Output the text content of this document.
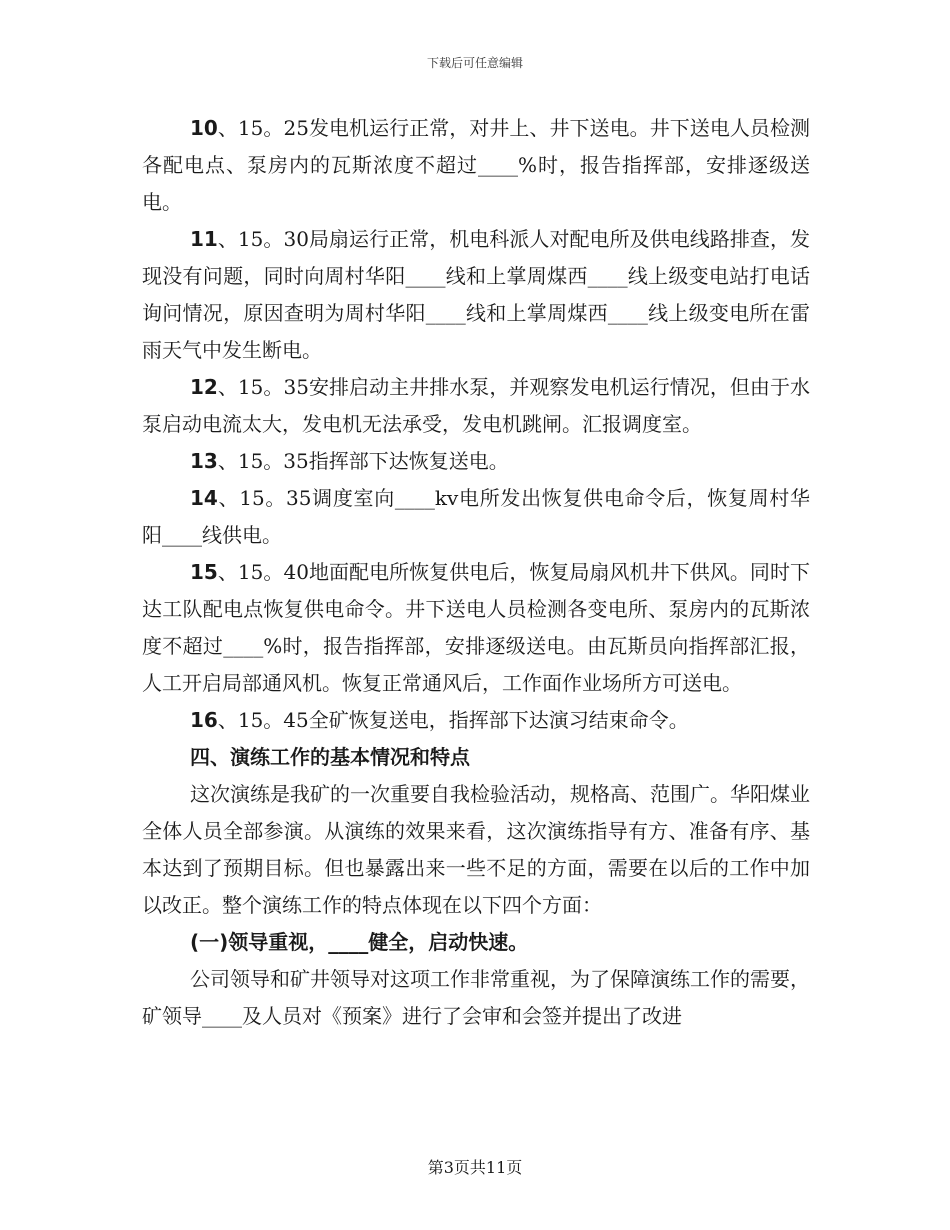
下载后可任意编辑

10、15。25发电机运行正常，对井上、井下送电。井下送电人员检测各配电点、泵房内的瓦斯浓度不超过____%时，报告指挥部，安排逐级送电。

11、15。30局扇运行正常，机电科派人对配电所及供电线路排查，发现没有问题，同时向周村华阳____线和上掌周煤西____线上级变电站打电话询问情况，原因查明为周村华阳____线和上掌周煤西____线上级变电所在雷雨天气中发生断电。

12、15。35安排启动主井排水泵，并观察发电机运行情况，但由于水泵启动电流太大，发电机无法承受，发电机跳闸。汇报调度室。

13、15。35指挥部下达恢复送电。

14、15。35调度室向____kv电所发出恢复供电命令后，恢复周村华阳____线供电。

15、15。40地面配电所恢复供电后，恢复局扇风机井下供风。同时下达工队配电点恢复供电命令。井下送电人员检测各变电所、泵房内的瓦斯浓度不超过____%时，报告指挥部，安排逐级送电。由瓦斯员向指挥部汇报，人工开启局部通风机。恢复正常通风后，工作面作业场所方可送电。

16、15。45全矿恢复送电，指挥部下达演习结束命令。

四、演练工作的基本情况和特点

这次演练是我矿的一次重要自我检验活动，规格高、范围广。华阳煤业全体人员全部参演。从演练的效果来看，这次演练指导有方、准备有序、基本达到了预期目标。但也暴露出来一些不足的方面，需要在以后的工作中加以改正。整个演练工作的特点体现在以下四个方面：

(一)领导重视，____健全，启动快速。

公司领导和矿井领导对这项工作非常重视，为了保障演练工作的需要，矿领导____及人员对《预案》进行了会审和会签并提出了改进

第3页共11页
